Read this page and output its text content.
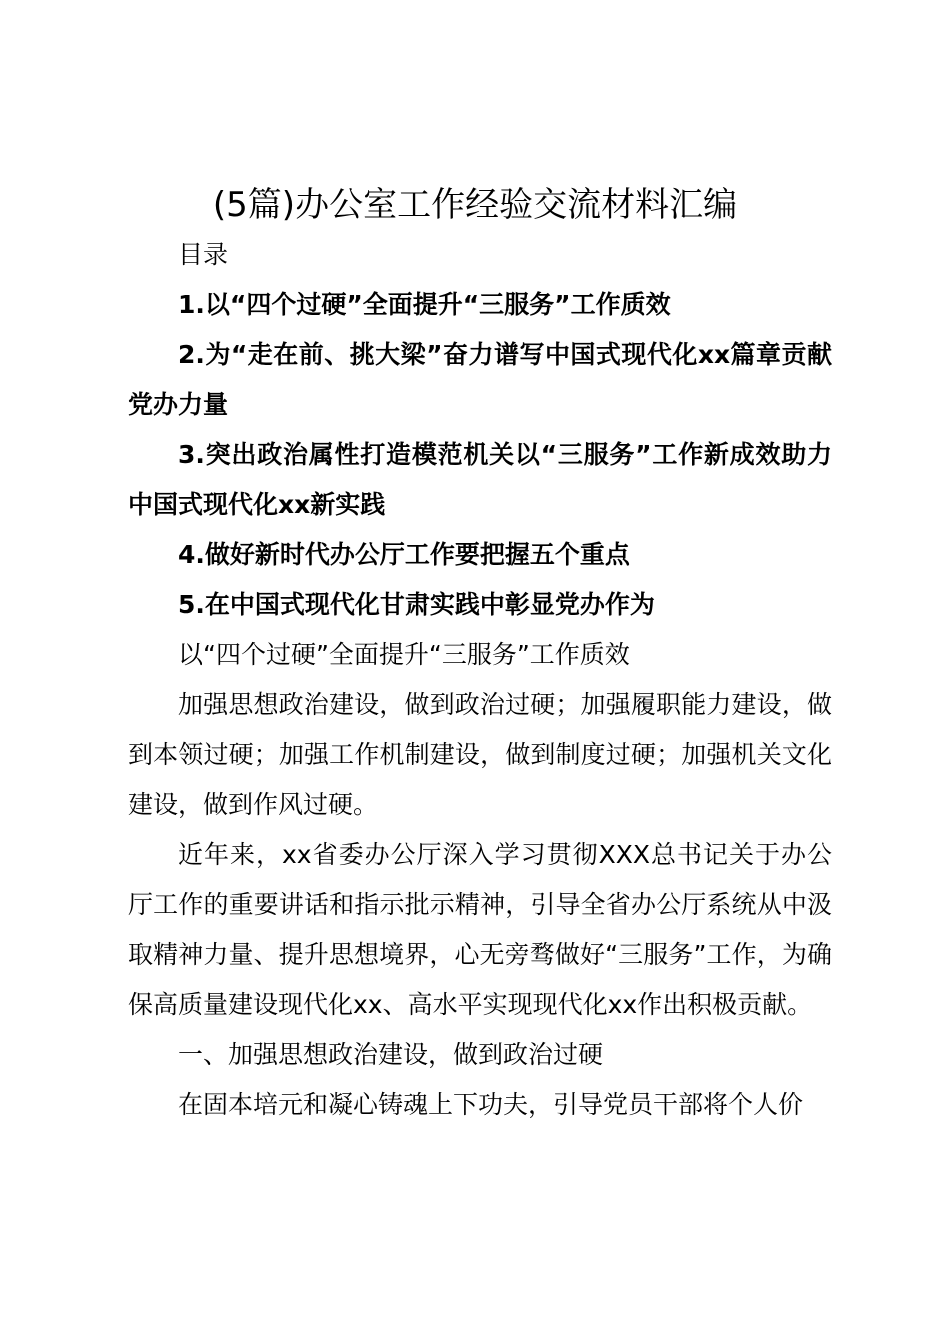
(5篇)办公室工作经验交流材料汇编

目录

1.以“四个过硬”全面提升“三服务”工作质效

2.为“走在前、挑大梁”奋力谱写中国式现代化xx篇章贡献党办力量

3.突出政治属性打造模范机关以“三服务”工作新成效助力中国式现代化xx新实践

4.做好新时代办公厅工作要把握五个重点

5.在中国式现代化甘肃实践中彰显党办作为

以“四个过硬”全面提升“三服务”工作质效

加强思想政治建设，做到政治过硬；加强履职能力建设，做到本领过硬；加强工作机制建设，做到制度过硬；加强机关文化建设，做到作风过硬。

近年来，xx省委办公厅深入学习贯彻XXX总书记关于办公厅工作的重要讲话和指示批示精神，引导全省办公厅系统从中汲取精神力量、提升思想境界，心无旁骛做好“三服务”工作，为确保高质量建设现代化xx、高水平实现现代化xx作出积极贡献。

一、加强思想政治建设，做到政治过硬

在固本培元和凝心铸魂上下功夫，引导党员干部将个人价
